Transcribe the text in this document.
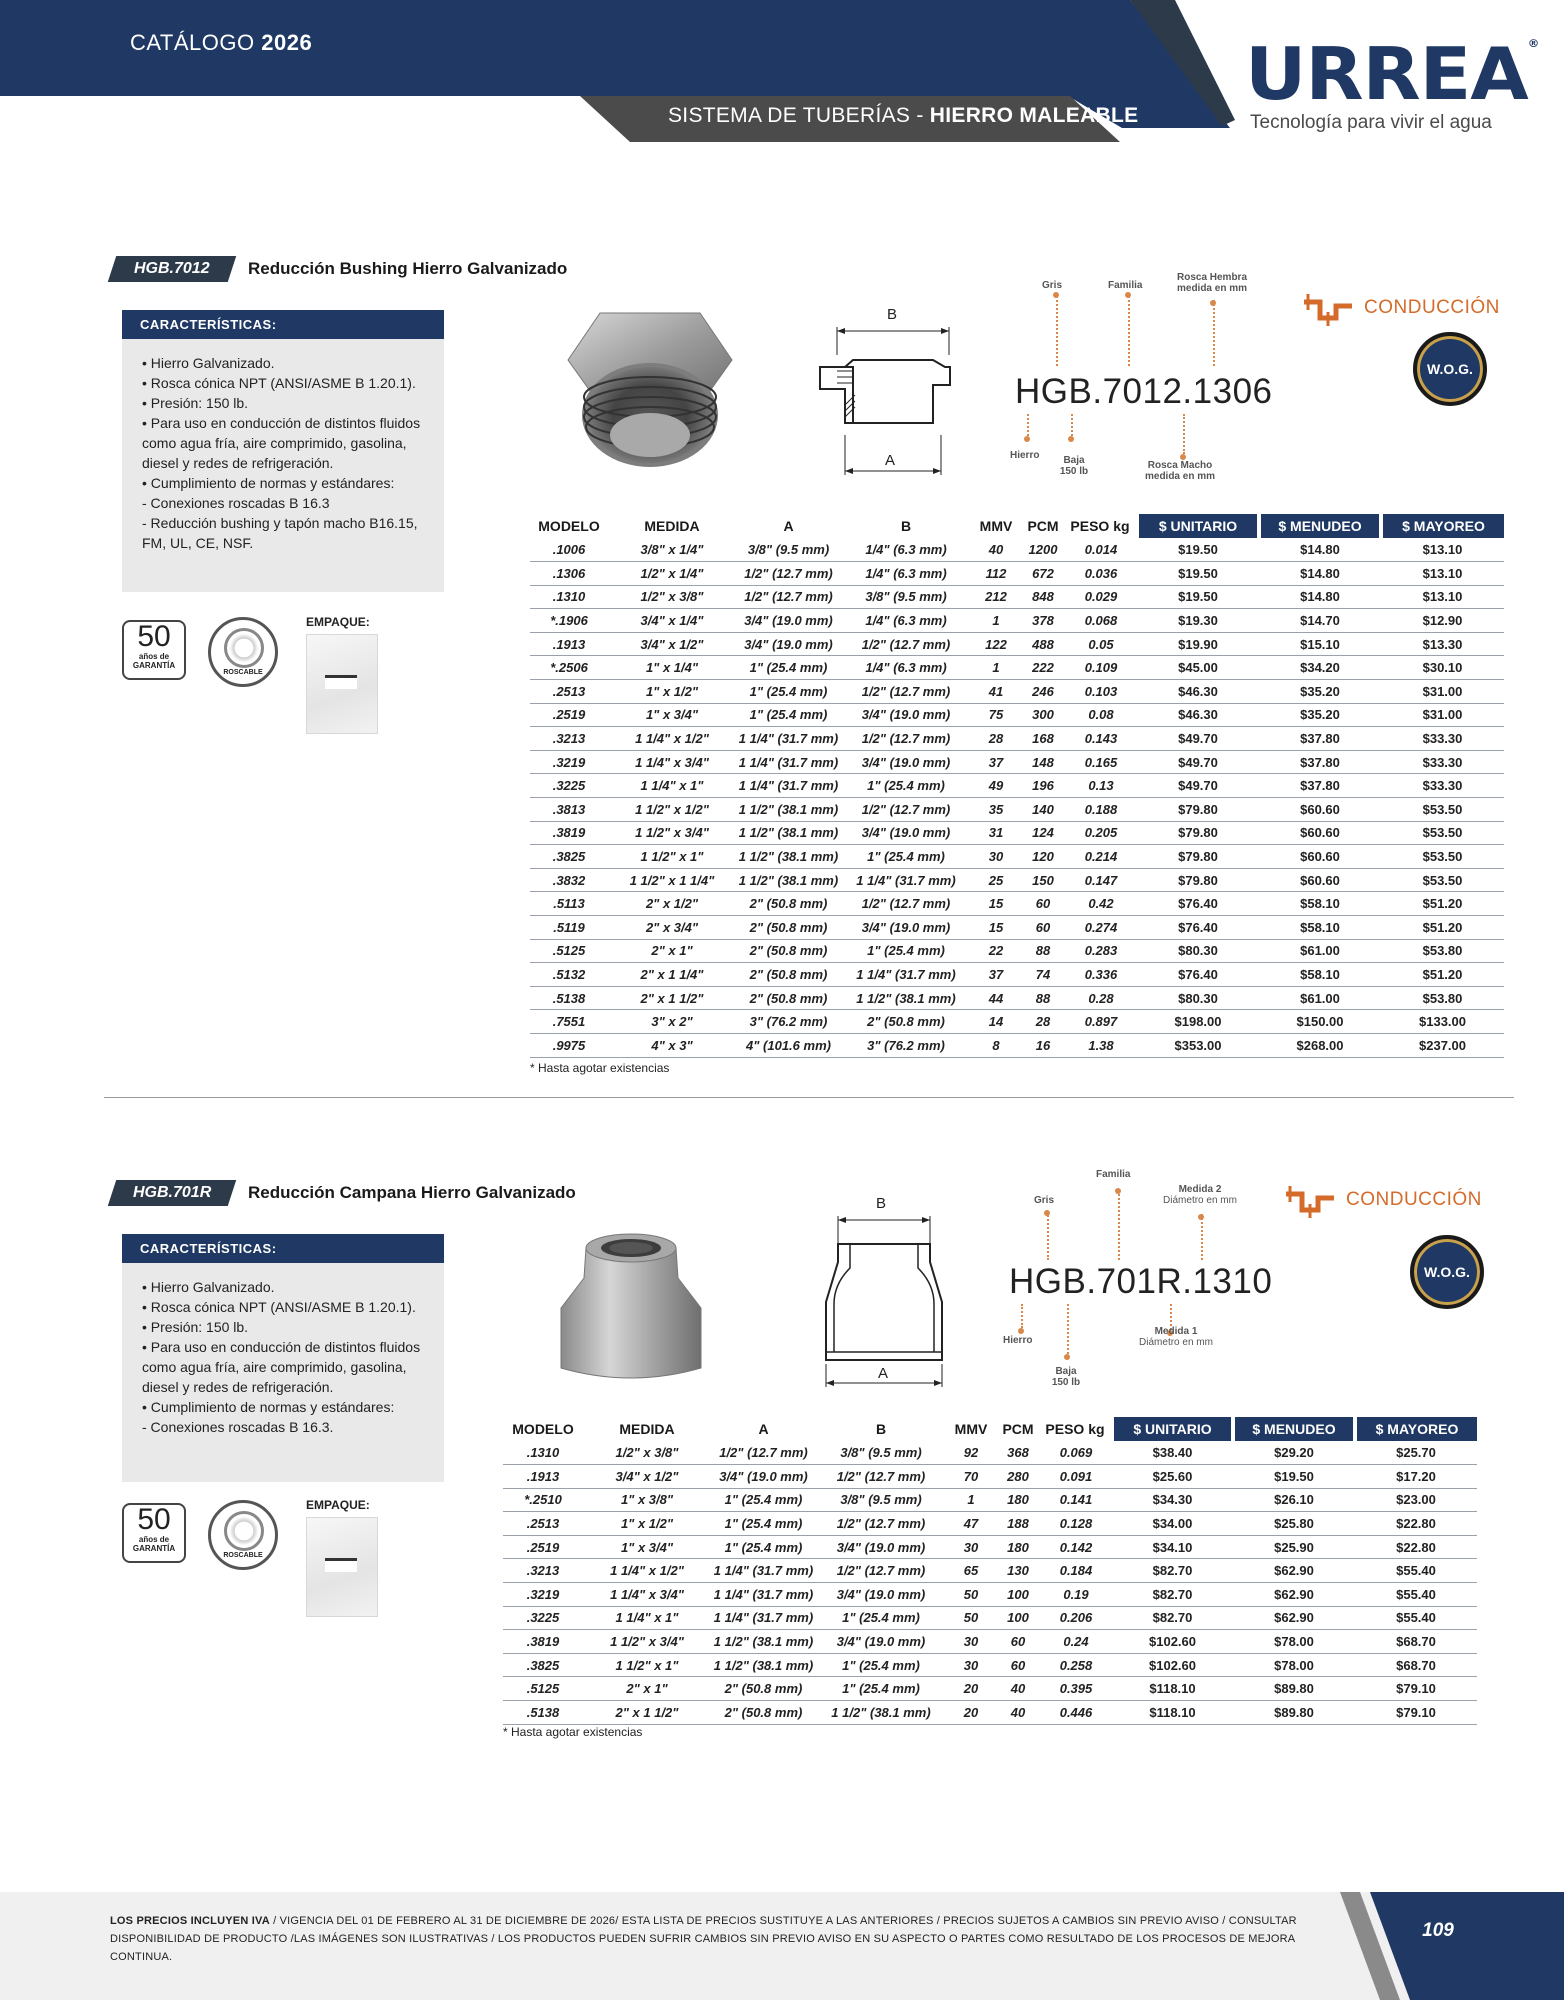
CATÁLOGO 2026
SISTEMA DE TUBERÍAS - HIERRO MALEABLE URREA®
Tecnología para vivir el agua
HGB.7012 Reducción Bushing Hierro Galvanizado
CARACTERÍSTICAS:
• Hierro Galvanizado.
• Rosca cónica NPT (ANSI/ASME B 1.20.1).
• Presión: 150 lb.
• Para uso en conducción de distintos fluidos como agua fría, aire comprimido, gasolina, diesel y redes de refrigeración.
• Cumplimiento de normas y estándares:
- Conexiones roscadas B 16.3
- Reducción bushing y tapón macho B16.15, FM, UL, CE, NSF.
50
años de GARANTÍA
ROSCABLE
EMPAQUE:
B
A
Gris	Familia
Rosca Hembra
medida en mm
HGB.7012.1306
Hierro	Baja
150 lb
Rosca Macho
medida en mm
CONDUCCIÓN
W.O.G.
MODELO	MEDIDA	A	B	MMV	PCM	PESO kg	$ UNITARIO	$ MENUDEO	$ MAYOREO
.1006	3/8" x 1/4"	3/8" (9.5 mm)	1/4" (6.3 mm)	40	1200	0.014	$19.50	$14.80	$13.10
.1306	1/2" x 1/4"	1/2" (12.7 mm)	1/4" (6.3 mm)	112	672	0.036	$19.50	$14.80	$13.10
.1310	1/2" x 3/8"	1/2" (12.7 mm)	3/8" (9.5 mm)	212	848	0.029	$19.50	$14.80	$13.10
*.1906	3/4" x 1/4"	3/4" (19.0 mm)	1/4" (6.3 mm)	1	378	0.068	$19.30	$14.70	$12.90
.1913	3/4" x 1/2"	3/4" (19.0 mm)	1/2" (12.7 mm)	122	488	0.05	$19.90	$15.10	$13.30
*.2506	1" x 1/4"	1" (25.4 mm)	1/4" (6.3 mm)	1	222	0.109	$45.00	$34.20	$30.10
.2513	1" x 1/2"	1" (25.4 mm)	1/2" (12.7 mm)	41	246	0.103	$46.30	$35.20	$31.00
.2519	1" x 3/4"	1" (25.4 mm)	3/4" (19.0 mm)	75	300	0.08	$46.30	$35.20	$31.00
.3213	1 1/4" x 1/2"	1 1/4" (31.7 mm)	1/2" (12.7 mm)	28	168	0.143	$49.70	$37.80	$33.30
.3219	1 1/4" x 3/4"	1 1/4" (31.7 mm)	3/4" (19.0 mm)	37	148	0.165	$49.70	$37.80	$33.30
.3225	1 1/4" x 1"	1 1/4" (31.7 mm)	1" (25.4 mm)	49	196	0.13	$49.70	$37.80	$33.30
.3813	1 1/2" x 1/2"	1 1/2" (38.1 mm)	1/2" (12.7 mm)	35	140	0.188	$79.80	$60.60	$53.50
.3819	1 1/2" x 3/4"	1 1/2" (38.1 mm)	3/4" (19.0 mm)	31	124	0.205	$79.80	$60.60	$53.50
.3825	1 1/2" x 1"	1 1/2" (38.1 mm)	1" (25.4 mm)	30	120	0.214	$79.80	$60.60	$53.50
.3832	1 1/2" x 1 1/4"	1 1/2" (38.1 mm)	1 1/4" (31.7 mm)	25	150	0.147	$79.80	$60.60	$53.50
.5113	2" x 1/2"	2" (50.8 mm)	1/2" (12.7 mm)	15	60	0.42	$76.40	$58.10	$51.20
.5119	2" x 3/4"	2" (50.8 mm)	3/4" (19.0 mm)	15	60	0.274	$76.40	$58.10	$51.20
.5125	2" x 1"	2" (50.8 mm)	1" (25.4 mm)	22	88	0.283	$80.30	$61.00	$53.80
.5132	2" x 1 1/4"	2" (50.8 mm)	1 1/4" (31.7 mm)	37	74	0.336	$76.40	$58.10	$51.20
.5138	2" x 1 1/2"	2" (50.8 mm)	1 1/2" (38.1 mm)	44	88	0.28	$80.30	$61.00	$53.80
.7551	3" x 2"	3" (76.2 mm)	2" (50.8 mm)	14	28	0.897	$198.00	$150.00	$133.00
.9975	4" x 3"	4" (101.6 mm)	3" (76.2 mm)	8	16	1.38	$353.00	$268.00	$237.00
* Hasta agotar existencias
HGB.701R Reducción Campana Hierro Galvanizado
CARACTERÍSTICAS:
• Hierro Galvanizado.
• Rosca cónica NPT (ANSI/ASME B 1.20.1).
• Presión: 150 lb.
• Para uso en conducción de distintos fluidos como agua fría, aire comprimido, gasolina, diesel y redes de refrigeración.
• Cumplimiento de normas y estándares:
- Conexiones roscadas B 16.3.
50
años de GARANTÍA
ROSCABLE
EMPAQUE:
B
A
Familia
Gris
Medida 2
Diámetro en mm
HGB.701R.1310
Hierro
Baja
150 lb
Medida 1
Diámetro en mm
CONDUCCIÓN
W.O.G.
MODELO	MEDIDA	A	B	MMV	PCM	PESO kg	$ UNITARIO	$ MENUDEO	$ MAYOREO
.1310	1/2" x 3/8"	1/2" (12.7 mm)	3/8" (9.5 mm)	92	368	0.069	$38.40	$29.20	$25.70
.1913	3/4" x 1/2"	3/4" (19.0 mm)	1/2" (12.7 mm)	70	280	0.091	$25.60	$19.50	$17.20
*.2510	1" x 3/8"	1" (25.4 mm)	3/8" (9.5 mm)	1	180	0.141	$34.30	$26.10	$23.00
.2513	1" x 1/2"	1" (25.4 mm)	1/2" (12.7 mm)	47	188	0.128	$34.00	$25.80	$22.80
.2519	1" x 3/4"	1" (25.4 mm)	3/4" (19.0 mm)	30	180	0.142	$34.10	$25.90	$22.80
.3213	1 1/4" x 1/2"	1 1/4" (31.7 mm)	1/2" (12.7 mm)	65	130	0.184	$82.70	$62.90	$55.40
.3219	1 1/4" x 3/4"	1 1/4" (31.7 mm)	3/4" (19.0 mm)	50	100	0.19	$82.70	$62.90	$55.40
.3225	1 1/4" x 1"	1 1/4" (31.7 mm)	1" (25.4 mm)	50	100	0.206	$82.70	$62.90	$55.40
.3819	1 1/2" x 3/4"	1 1/2" (38.1 mm)	3/4" (19.0 mm)	30	60	0.24	$102.60	$78.00	$68.70
.3825	1 1/2" x 1"	1 1/2" (38.1 mm)	1" (25.4 mm)	30	60	0.258	$102.60	$78.00	$68.70
.5125	2" x 1"	2" (50.8 mm)	1" (25.4 mm)	20	40	0.395	$118.10	$89.80	$79.10
.5138	2" x 1 1/2"	2" (50.8 mm)	1 1/2" (38.1 mm)	20	40	0.446	$118.10	$89.80	$79.10
* Hasta agotar existencias
LOS PRECIOS INCLUYEN IVA / VIGENCIA DEL 01 DE FEBRERO AL 31 DE DICIEMBRE DE 2026/ ESTA LISTA DE PRECIOS SUSTITUYE A LAS ANTERIORES / PRECIOS SUJETOS A CAMBIOS SIN PREVIO AVISO / CONSULTAR DISPONIBILIDAD DE PRODUCTO /LAS IMÁGENES SON ILUSTRATIVAS / LOS PRODUCTOS PUEDEN SUFRIR CAMBIOS SIN PREVIO AVISO EN SU ASPECTO O PARTES COMO RESULTADO DE LOS PROCESOS DE MEJORA CONTINUA.
109
